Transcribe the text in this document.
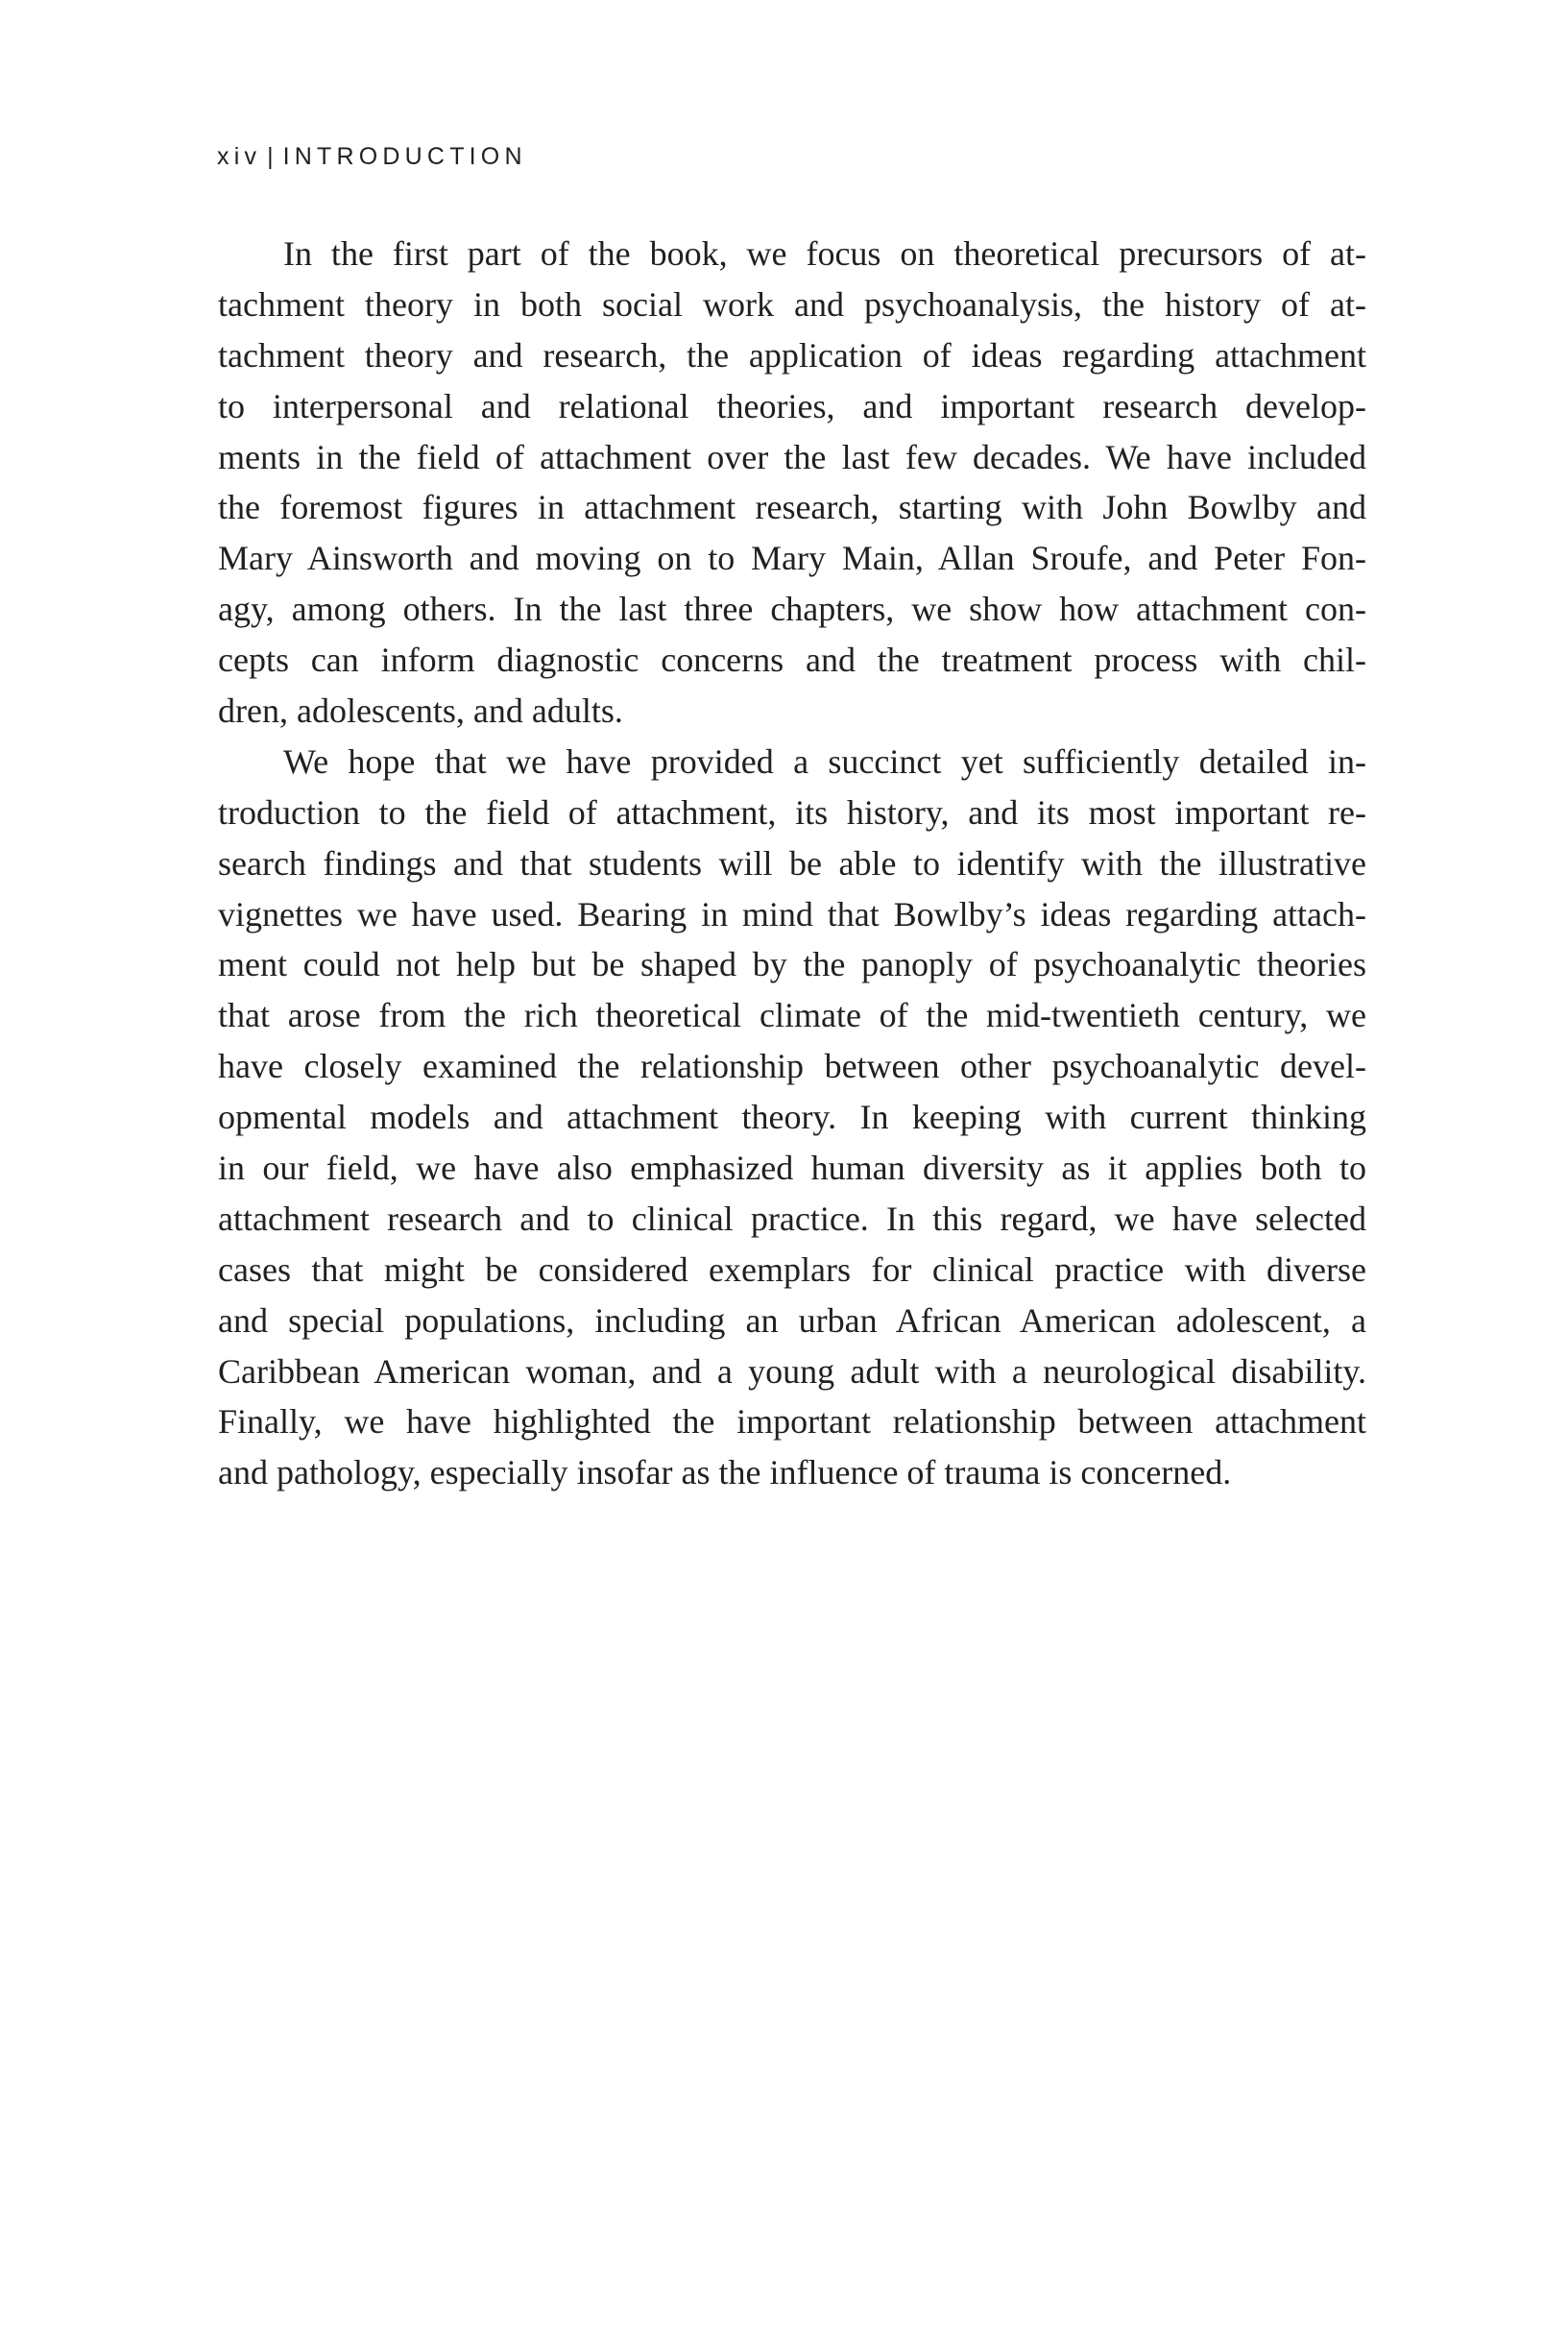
xiv | INTRODUCTION
In the first part of the book, we focus on theoretical precursors of at-
tachment theory in both social work and psychoanalysis, the history of at-
tachment theory and research, the application of ideas regarding attachment
to interpersonal and relational theories, and important research develop-
ments in the field of attachment over the last few decades. We have included
the foremost figures in attachment research, starting with John Bowlby and
Mary Ainsworth and moving on to Mary Main, Allan Sroufe, and Peter Fon-
agy, among others. In the last three chapters, we show how attachment con-
cepts can inform diagnostic concerns and the treatment process with chil-
dren, adolescents, and adults.
We hope that we have provided a succinct yet sufficiently detailed in-
troduction to the field of attachment, its history, and its most important re-
search findings and that students will be able to identify with the illustrative
vignettes we have used. Bearing in mind that Bowlby’s ideas regarding attach-
ment could not help but be shaped by the panoply of psychoanalytic theories
that arose from the rich theoretical climate of the mid-twentieth century, we
have closely examined the relationship between other psychoanalytic devel-
opmental models and attachment theory. In keeping with current thinking
in our field, we have also emphasized human diversity as it applies both to
attachment research and to clinical practice. In this regard, we have selected
cases that might be considered exemplars for clinical practice with diverse
and special populations, including an urban African American adolescent, a
Caribbean American woman, and a young adult with a neurological disability.
Finally, we have highlighted the important relationship between attachment
and pathology, especially insofar as the influence of trauma is concerned.
